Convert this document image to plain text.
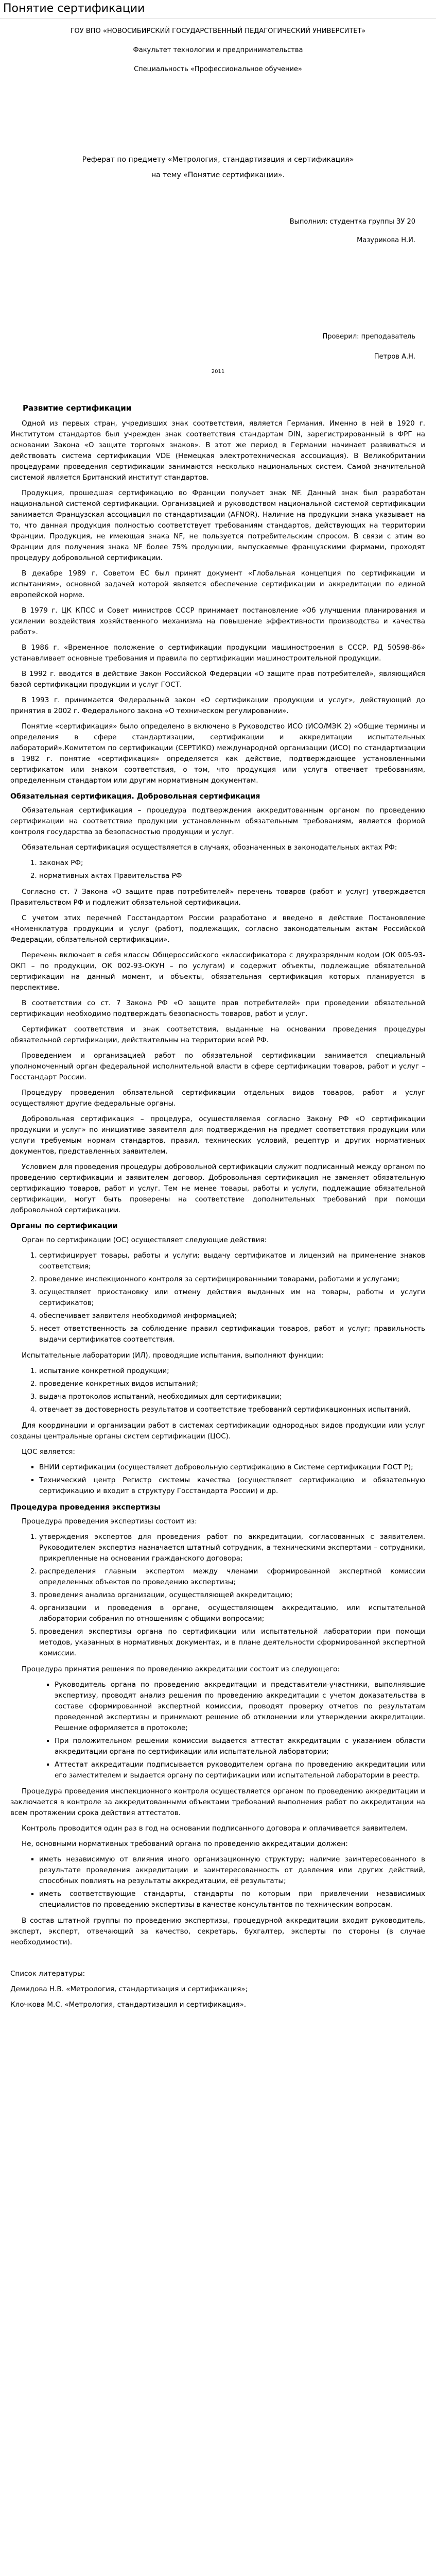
Понятие сертификации
ГОУ ВПО «НОВОСИБИРСКИЙ ГОСУДАРСТВЕННЫЙ ПЕДАГОГИЧЕСКИЙ УНИВЕРСИТЕТ»
Факультет технологии и предпринимательства
Специальность «Профессиональное обучение»
Реферат по предмету «Метрология, стандартизация и сертификация»
на тему «Понятие сертификации».
Выполнил: студентка группы ЗУ 20
Мазурикова Н.И.
Проверил: преподаватель
Петров А.Н.
2011
Развитие сертификации

Одной из первых стран, учредивших знак соответствия, является Германия. Именно в ней в 1920 г. Институтом стандартов был учрежден знак соответствия стандартам DIN, зарегистрированный в ФРГ на основании Закона «О защите торговых знаков». В этот же период в Германии начинает развиваться и действовать система сертификации VDE (Немецкая электротехническая ассоциация). В Великобритании процедурами проведения сертификации занимаются несколько национальных систем. Самой значительной системой является Британский институт стандартов.

Продукция, прошедшая сертификацию во Франции получает знак NF. Данный знак был разработан национальной системой сертификации. Организацией и руководством национальной системой сертификации занимается Французская ассоциация по стандартизации (AFNOR). Наличие на продукции знака указывает на то, что данная продукция полностью соответствует требованиям стандартов, действующих на территории Франции. Продукция, не имеющая знака NF, не пользуется потребительским спросом. В связи с этим во Франции для получения знака NF более 75% продукции, выпускаемые французскими фирмами, проходят процедуру добровольной сертификации.

В декабре 1989 г. Советом ЕС был принят документ «Глобальная концепция по сертификации и испытаниям», основной задачей которой является обеспечение сертификации и аккредитации по единой европейской норме.

В 1979 г. ЦК КПСС и Совет министров СССР принимает постановление «Об улучшении планирования и усилении воздействия хозяйственного механизма на повышение эффективности производства и качества работ».

В 1986 г. «Временное положение о сертификации продукции машиностроения в СССР. РД 50598-86» устанавливает основные требования и правила по сертификации машиностроительной продукции.

В 1992 г. вводится в действие Закон Российской Федерации «О защите прав потребителей», являющийся базой сертификации продукции и услуг ГОСТ.

В 1993 г. принимается Федеральный закон «О сертификации продукции и услуг», действующий до принятия в 2002 г. Федерального закона «О техническом регулировании».

Понятие «сертификация» было определено в включено в Руководство ИСО (ИСО/МЭК 2) «Общие термины и определения в сфере стандартизации, сертификации и аккредитации испытательных лабораторий».Комитетом по сертификации (СЕРТИКО) международной организации (ИСО) по стандартизации в 1982 г. понятие «сертификация» определяется как действие, подтверждающее установленными сертификатом или знаком соответствия, о том, что продукция или услуга отвечает требованиям, определенным стандартом или другим нормативным документам.

Обязательная сертификация. Добровольная сертификация

Обязательная сертификация – процедура подтверждения аккредитованным органом по проведению сертификации на соответствие продукции установленным обязательным требованиям, является формой контроля государства за безопасностью продукции и услуг.

Обязательная сертификация осуществляется в случаях, обозначенных в законодательных актах РФ:

1. законах РФ;
2. нормативных актах Правительства РФ

Согласно ст. 7 Закона «О защите прав потребителей» перечень товаров (работ и услуг) утверждается Правительством РФ и подлежит обязательной сертификации.

С учетом этих перечней Госстандартом России разработано и введено в действие Постановление «Номенклатура продукции и услуг (работ), подлежащих, согласно законодательным актам Российской Федерации, обязательной сертификации».

Перечень включает в себя классы Общероссийского «классификатора с двухразрядным кодом (ОК 005-93-ОКП – по продукции, ОК 002-93-ОКУН – по услугам) и содержит объекты, подлежащие обязательной сертификации на данный момент, и объекты, обязательная сертификация которых планируется в перспективе.

В соответствии со ст. 7 Закона РФ «О защите прав потребителей» при проведении обязательной сертификации необходимо подтверждать безопасность товаров, работ и услуг.

Сертификат соответствия и знак соответствия, выданные на основании проведения процедуры обязательной сертификации, действительны на территории всей РФ.

Проведением и организацией работ по обязательной сертификации занимается специальный уполномоченный орган федеральной исполнительной власти в сфере сертификации товаров, работ и услуг – Госстандарт России.

Процедуру проведения обязательной сертификации отдельных видов товаров, работ и услуг осуществляют другие федеральные органы.

Добровольная сертификация – процедура, осуществляемая согласно Закону РФ «О сертификации продукции и услуг» по инициативе заявителя для подтверждения на предмет соответствия продукции или услуги требуемым нормам стандартов, правил, технических условий, рецептур и других нормативных документов, представленных заявителем.

Условием для проведения процедуры добровольной сертификации служит подписанный между органом по проведению сертификации и заявителем договор. Добровольная сертификация не заменяет обязательную сертификацию товаров, работ и услуг. Тем не менее товары, работы и услуги, подлежащие обязательной сертификации, могут быть проверены на соответствие дополнительных требований при помощи добровольной сертификации.

Органы по сертификации

Орган по сертификации (ОС) осуществляет следующие действия:

1. сертифицирует товары, работы и услуги; выдачу сертификатов и лицензий на применение знаков соответствия;
2. проведение инспекционного контроля за сертифицированными товарами, работами и услугами;
3. осуществляет приостановку или отмену действия выданных им на товары, работы и услуги сертификатов;
4. обеспечивает заявителя необходимой информацией;
5. несет ответственность за соблюдение правил сертификации товаров, работ и услуг; правильность выдачи сертификатов соответствия.

Испытательные лаборатории (ИЛ), проводящие испытания, выполняют функции:

1. испытание конкретной продукции;
2. проведение конкретных видов испытаний;
3. выдача протоколов испытаний, необходимых для сертификации;
4. отвечает за достоверность результатов и соответствие требований сертификационных испытаний.

Для координации и организации работ в системах сертификации однородных видов продукции или услуг созданы центральные органы систем сертификации (ЦОС).

ЦОС является:

▪ ВНИИ сертификации (осуществляет добровольную сертификацию в Системе сертификации ГОСТ Р);
▪ Технический центр Регистр системы качества (осуществляет сертификацию и обязательную сертификацию и входит в структуру Госстандарта России) и др.
Процедура проведения экспертизы

Процедура проведения экспертизы состоит из:

1. утверждения экспертов для проведения работ по аккредитации, согласованных с заявителем. Руководителем экспертиз назначается штатный сотрудник, а техническими экспертами – сотрудники, прикрепленные на основании гражданского договора;
2. распределения главным экспертом между членами сформированной экспертной комиссии определенных объектов по проведению экспертизы;
3. проведения анализа организации, осуществляющей аккредитацию;
4. организации и проведения в органе, осуществляющем аккредитацию, или испытательной лаборатории собрания по отношениям с общими вопросами;
5. проведения экспертизы органа по сертификации или испытательной лаборатории при помощи методов, указанных в нормативных документах, и в плане деятельности сформированной экспертной комиссии.

Процедура принятия решения по проведению аккредитации состоит из следующего:

▪ Руководитель органа по проведению аккредитации и представители-участники, выполнявшие экспертизу, проводят анализ решения по проведению аккредитации с учетом доказательства в составе сформированной экспертной комиссии, проводят проверку отчетов по результатам проведенной экспертизы и принимают решение об отклонении или утверждении аккредитации. Решение оформляется в протоколе;
▪ При положительном решении комиссии выдается аттестат аккредитации с указанием области аккредитации органа по сертификации или испытательной лаборатории;
▪ Аттестат аккредитации подписывается руководителем органа по проведению аккредитации или его заместителем и выдается органу по сертификации или испытательной лаборатории в реестр.

Процедура проведения инспекционного контроля осуществляется органом по проведению аккредитации и заключается в контроле за аккредитованными объектами требований выполнения работ по аккредитации на всем протяжении срока действия аттестатов.

Контроль проводится один раз в год на основании подписанного договора и оплачивается заявителем.

Не, основными нормативных требований органа по проведению аккредитации должен:

▪ иметь независимую от влияния иного организационную структуру; наличие заинтересованного в результате проведения аккредитации и заинтересованность от давления или других действий, способных повлиять на результаты аккредитации, её результаты;
▪ иметь соответствующие стандарты, стандарты по которым при привлечении независимых специалистов по проведению экспертизы в качестве консультантов по техническим вопросам.

В состав штатной группы по проведению экспертизы, процедурной аккредитации входит руководитель, эксперт, эксперт, отвечающий за качество, секретарь, бухгалтер, эксперты по стороны (в случае необходимости).

Список литературы:

Демидова Н.В. «Метрология, стандартизация и сертификация»;

Клочкова М.С. «Метрология, стандартизация и сертификация».
